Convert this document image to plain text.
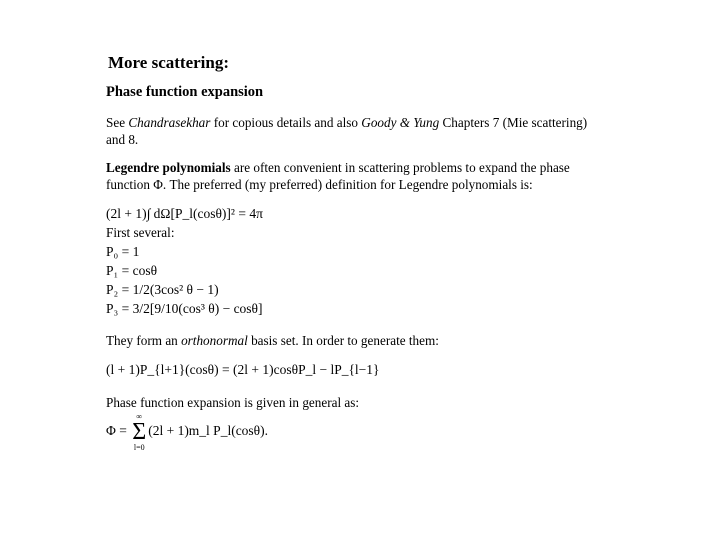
More scattering:
Phase function expansion
See Chandrasekhar for copious details and also Goody & Yung Chapters 7 (Mie scattering) and 8.
Legendre polynomials are often convenient in scattering problems to expand the phase function Φ. The preferred (my preferred) definition for Legendre polynomials is:
(2l + 1)∫ dΩ[P_l(cosθ)]² = 4π
First several:
P₀ = 1
P₁ = cosθ
P₂ = 1/2(3cos² θ − 1)
P₃ = 3/2[9/10(cos³ θ) − cosθ]
They form an orthonormal basis set. In order to generate them:
(l + 1)P_{l+1}(cosθ) = (2l + 1)cosθP_l − lP_{l−1}
Phase function expansion is given in general as:
Φ =
∞
Σ
l=0
(2l + 1)m_l P_l(cosθ).
